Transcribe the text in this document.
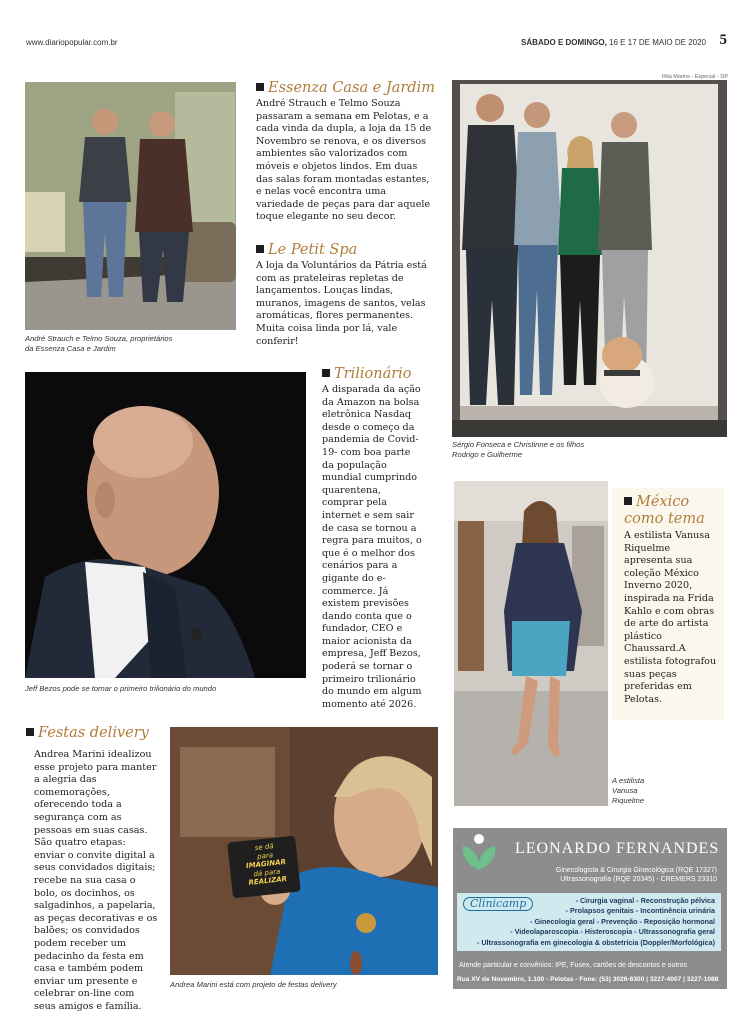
www.diariopopular.com.br	SÁBADO E DOMINGO, 16 E 17 DE MAIO DE 2020 5
André Strauch e Telmo Souza, proprietários
da Essenza Casa e Jardim
Essenza Casa e Jardim
André Strauch e Telmo Souza passaram a semana em Pelotas, e a cada vinda da dupla, a loja da 15 de Novembro se renova, e os diversos ambientes são valorizados com móveis e objetos lindos. Em duas das salas foram montadas estantes, e nelas você encontra uma variedade de peças para dar aquele toque elegante no seu decor.
Le Petit Spa
A loja da Voluntários da Pátria está com as prateleiras repletas de lançamentos. Louças lindas, muranos, imagens de santos, velas aromáticas, flores permanentes. Muita coisa linda por lá, vale conferir!
Rita Marins - Especial - DP
Sérgio Fonseca e Christinne e os filhos
Rodrigo e Guilherme
Jeff Bezos pode se tornar o primeiro trilionário do mundo
Trilionário
A disparada da ação da Amazon na bolsa eletrônica Nasdaq desde o começo da pandemia de Covid-19- com boa parte da população mundial cumprindo quarentena, comprar pela internet e sem sair de casa se tornou a regra para muitos, o que é o melhor dos cenários para a gigante do e-commerce. Já existem previsões dando conta que o fundador, CEO e maior acionista da empresa, Jeff Bezos, poderá se tornar o primeiro trilionário do mundo em algum momento até 2026.
A estilista
Vanusa
Riquelme
México
como tema
A estilista Vanusa Riquelme apresenta sua coleção México Inverno 2020, inspirada na Frida Kahlo e com obras de arte do artista plástico Chaussard.A estilista fotografou suas peças preferidas em Pelotas.
Festas delivery
Andrea Marini idealizou esse projeto para manter a alegria das comemorações, oferecendo toda a segurança com as pessoas em suas casas. São quatro etapas: enviar o convite digital a seus convidados digitais; recebe na sua casa o bolo, os docinhos, os salgadinhos, a papelaria, as peças decorativas e os balões; os convidados podem receber um pedacinho da festa em casa e também podem enviar um presente e celebrar on-line com seus amigos e família.
se dá
para
IMAGINAR
dá para
REALIZAR
Andrea Marini está com projeto de festas delivery
LEONARDO FERNANDES
Ginecologista & Cirurgia Ginecológica (RQE 17327)
Ultrassonografia (RQE 20345) - CREMERS 23310
Clinicamp	- Cirurgia vaginal - Reconstrução pélvica
- Prolapsos genitais - Incontinência urinária
- Ginecologia geral - Prevenção - Reposição hormonal
- Videolaparoscopia - Histeroscopia - Ultrassonografia geral
- Ultrassonografia em ginecologia & obstetrícia (Doppler/Morfológica)
Atende particular e convênios: IPE, Fusex, cartões de descontos e outros
Rua XV de Novembro, 1.100 - Pelotas - Fone: (53) 3026-6300 | 3227-4007 | 3227-1088
